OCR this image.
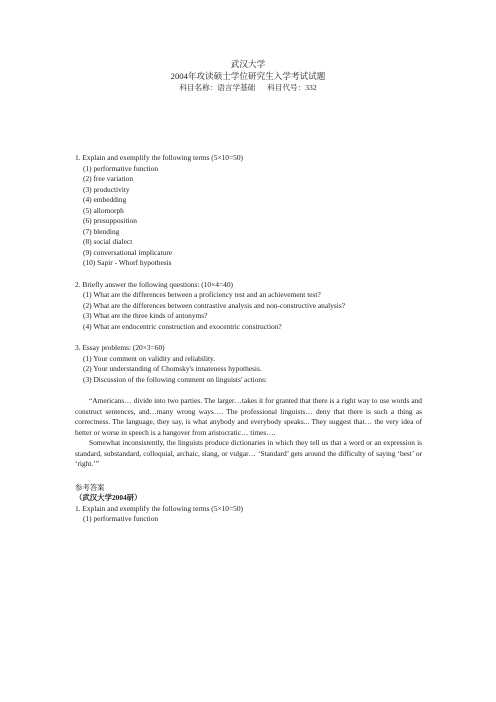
武汉大学
2004年攻读硕士学位研究生入学考试试题
科目名称：语言学基础 科目代号：332

1. Explain and exemplify the following terms (5×10=50)

(1) performative function

(2) free variation

(3) productivity

(4) embedding

(5) allomorph

(6) presupposition

(7) blending

(8) social dialect

(9) conversational implicature

(10) Sapir - Whorf hypothesis

2. Briefly answer the following questions: (10×4=40)

(1) What are the differences between a proficiency test and an achievement test?

(2) What are the differences between contrastive analysis and non-constructive analysis?

(3) What are the three kinds of antonyms?

(4) What are endocentric construction and exocentric construction?

3. Essay problems: (20×3=60)

(1) Your comment on validity and reliability.

(2) Your understanding of Chomsky's innateness hypothesis.

(3) Discussion of the following comment on linguists' actions:

“Americans… divide into two parties. The larger…takes it for granted that there is a right way to use words and construct sentences, and…many wrong ways…. The professional linguists… deny that there is such a thing as correctness. The language, they say, is what anybody and everybody speaks... They suggest that… the very idea of better or worse in speech is a hangover from aristocratic… times….

Somewhat inconsistently, the linguists produce dictionaries in which they tell us that a word or an expression is standard, substandard, colloquial, archaic, slang, or vulgar… ‘Standard’ gets around the difficulty of saying ‘best’ or ‘right.’”

参考答案

（武汉大学2004研）

1. Explain and exemplify the following terms (5×10=50)

(1) performative function
